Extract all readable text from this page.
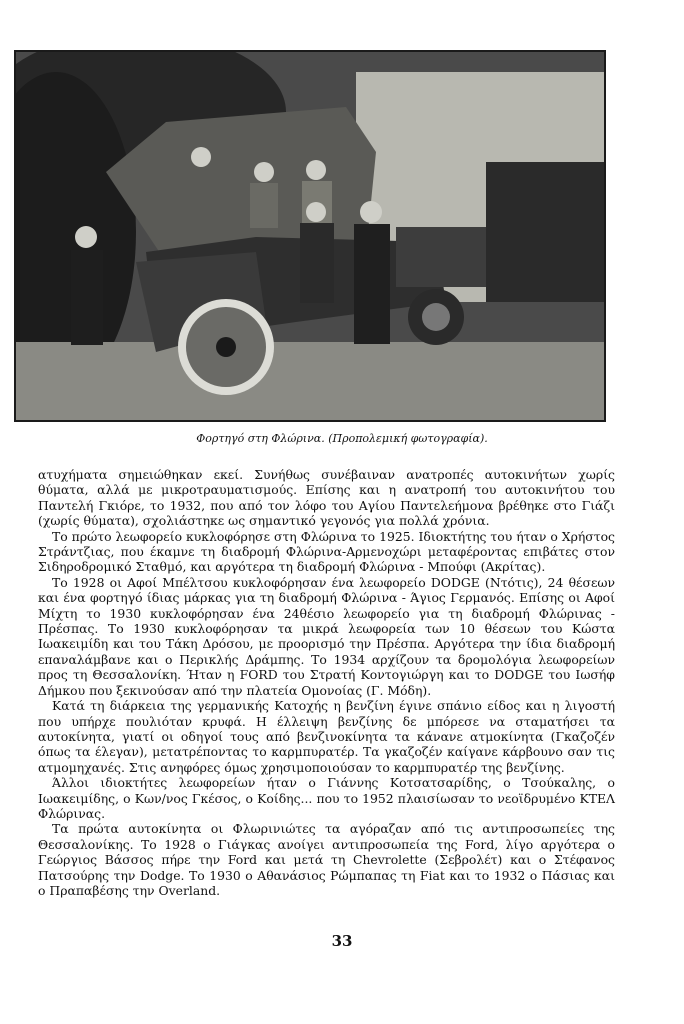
Φορτηγό στη Φλώρινα. (Προπολεμική φωτογραφία).

ατυχήματα σημειώθηκαν εκεί. Συνήθως συνέβαιναν ανατροπές αυτοκινήτων χωρίς θύματα, αλλά με μικροτραυματισμούς. Επίσης και η ανατροπή του αυτοκινήτου του Παντελή Γκιόρε, το 1932, που από τον λόφο του Αγίου Παντελεήμονα βρέθηκε στο Γιάζι (χωρίς θύματα), σχολιάστηκε ως σημαντικό γεγονός για πολλά χρόνια.

Το πρώτο λεωφορείο κυκλοφόρησε στη Φλώρινα το 1925. Ιδιοκτήτης του ήταν ο Χρήστος Στράντζιας, που έκαμνε τη διαδρομή Φλώρινα-Αρμενοχώρι μεταφέροντας επιβάτες στον Σιδηροδρομικό Σταθμό, και αργότερα τη διαδρομή Φλώρινα - Μπούφι (Ακρίτας).

Το 1928 οι Αφοί Μπέλτσου κυκλοφόρησαν ένα λεωφορείο DODGE (Ντότις), 24 θέσεων και ένα φορτηγό ίδιας μάρκας για τη διαδρομή Φλώρινα - Άγιος Γερμανός. Επίσης οι Αφοί Μίχτη το 1930 κυκλοφόρησαν ένα 24θέσιο λεωφορείο για τη διαδρομή Φλώρινας - Πρέσπας. Το 1930 κυκλοφόρησαν τα μικρά λεωφορεία των 10 θέσεων του Κώστα Ιωακειμίδη και του Τάκη Δρόσου, με προορισμό την Πρέσπα. Αργότερα την ίδια διαδρομή επαναλάμβανε και ο Περικλής Δράμπης. Το 1934 αρχίζουν τα δρομολόγια λεωφορείων προς τη Θεσσαλονίκη. Ήταν η FORD του Στρατή Κοντογιώργη και το DODGE του Ιωσήφ Δήμκου που ξεκινούσαν από την πλατεία Ομονοίας (Γ. Μόδη).

Κατά τη διάρκεια της γερμανικής Κατοχής η βενζίνη έγινε σπάνιο είδος και η λιγοστή που υπήρχε πουλιόταν κρυφά. Η έλλειψη βενζίνης δε μπόρεσε να σταματήσει τα αυτοκίνητα, γιατί οι οδηγοί τους από βενζινοκίνητα τα κάνανε ατμοκίνητα (Γκαζοζέν όπως τα έλεγαν), μετατρέποντας το καρμπυρατέρ. Τα γκαζοζέν καίγανε κάρβουνο σαν τις ατμομηχανές. Στις ανηφόρες όμως χρησιμοποιούσαν το καρμπυρατέρ της βενζίνης.

Άλλοι ιδιοκτήτες λεωφορείων ήταν ο Γιάννης Κοτσατσαρίδης, ο Τσούκαλης, ο Ιωακειμίδης, ο Κων/νος Γκέσος, ο Κοίδης... που το 1952 πλαισίωσαν το νεοϊδρυμένο ΚΤΕΛ Φλώρινας.

Τα πρώτα αυτοκίνητα οι Φλωρινιώτες τα αγόραζαν από τις αντιπροσωπείες της Θεσσαλονίκης. Το 1928 ο Γιάγκας ανοίγει αντιπροσωπεία της Ford, λίγο αργότερα ο Γεώργιος Βάσσος πήρε την Ford και μετά τη Chevrolette (Σεβρολέτ) και ο Στέφανος Πατσούρης την Dodge. Το 1930 ο Αθανάσιος Ρώμπαπας τη Fiat και το 1932 ο Πάσιας και ο Πραπαβέσης την Overland.

33
